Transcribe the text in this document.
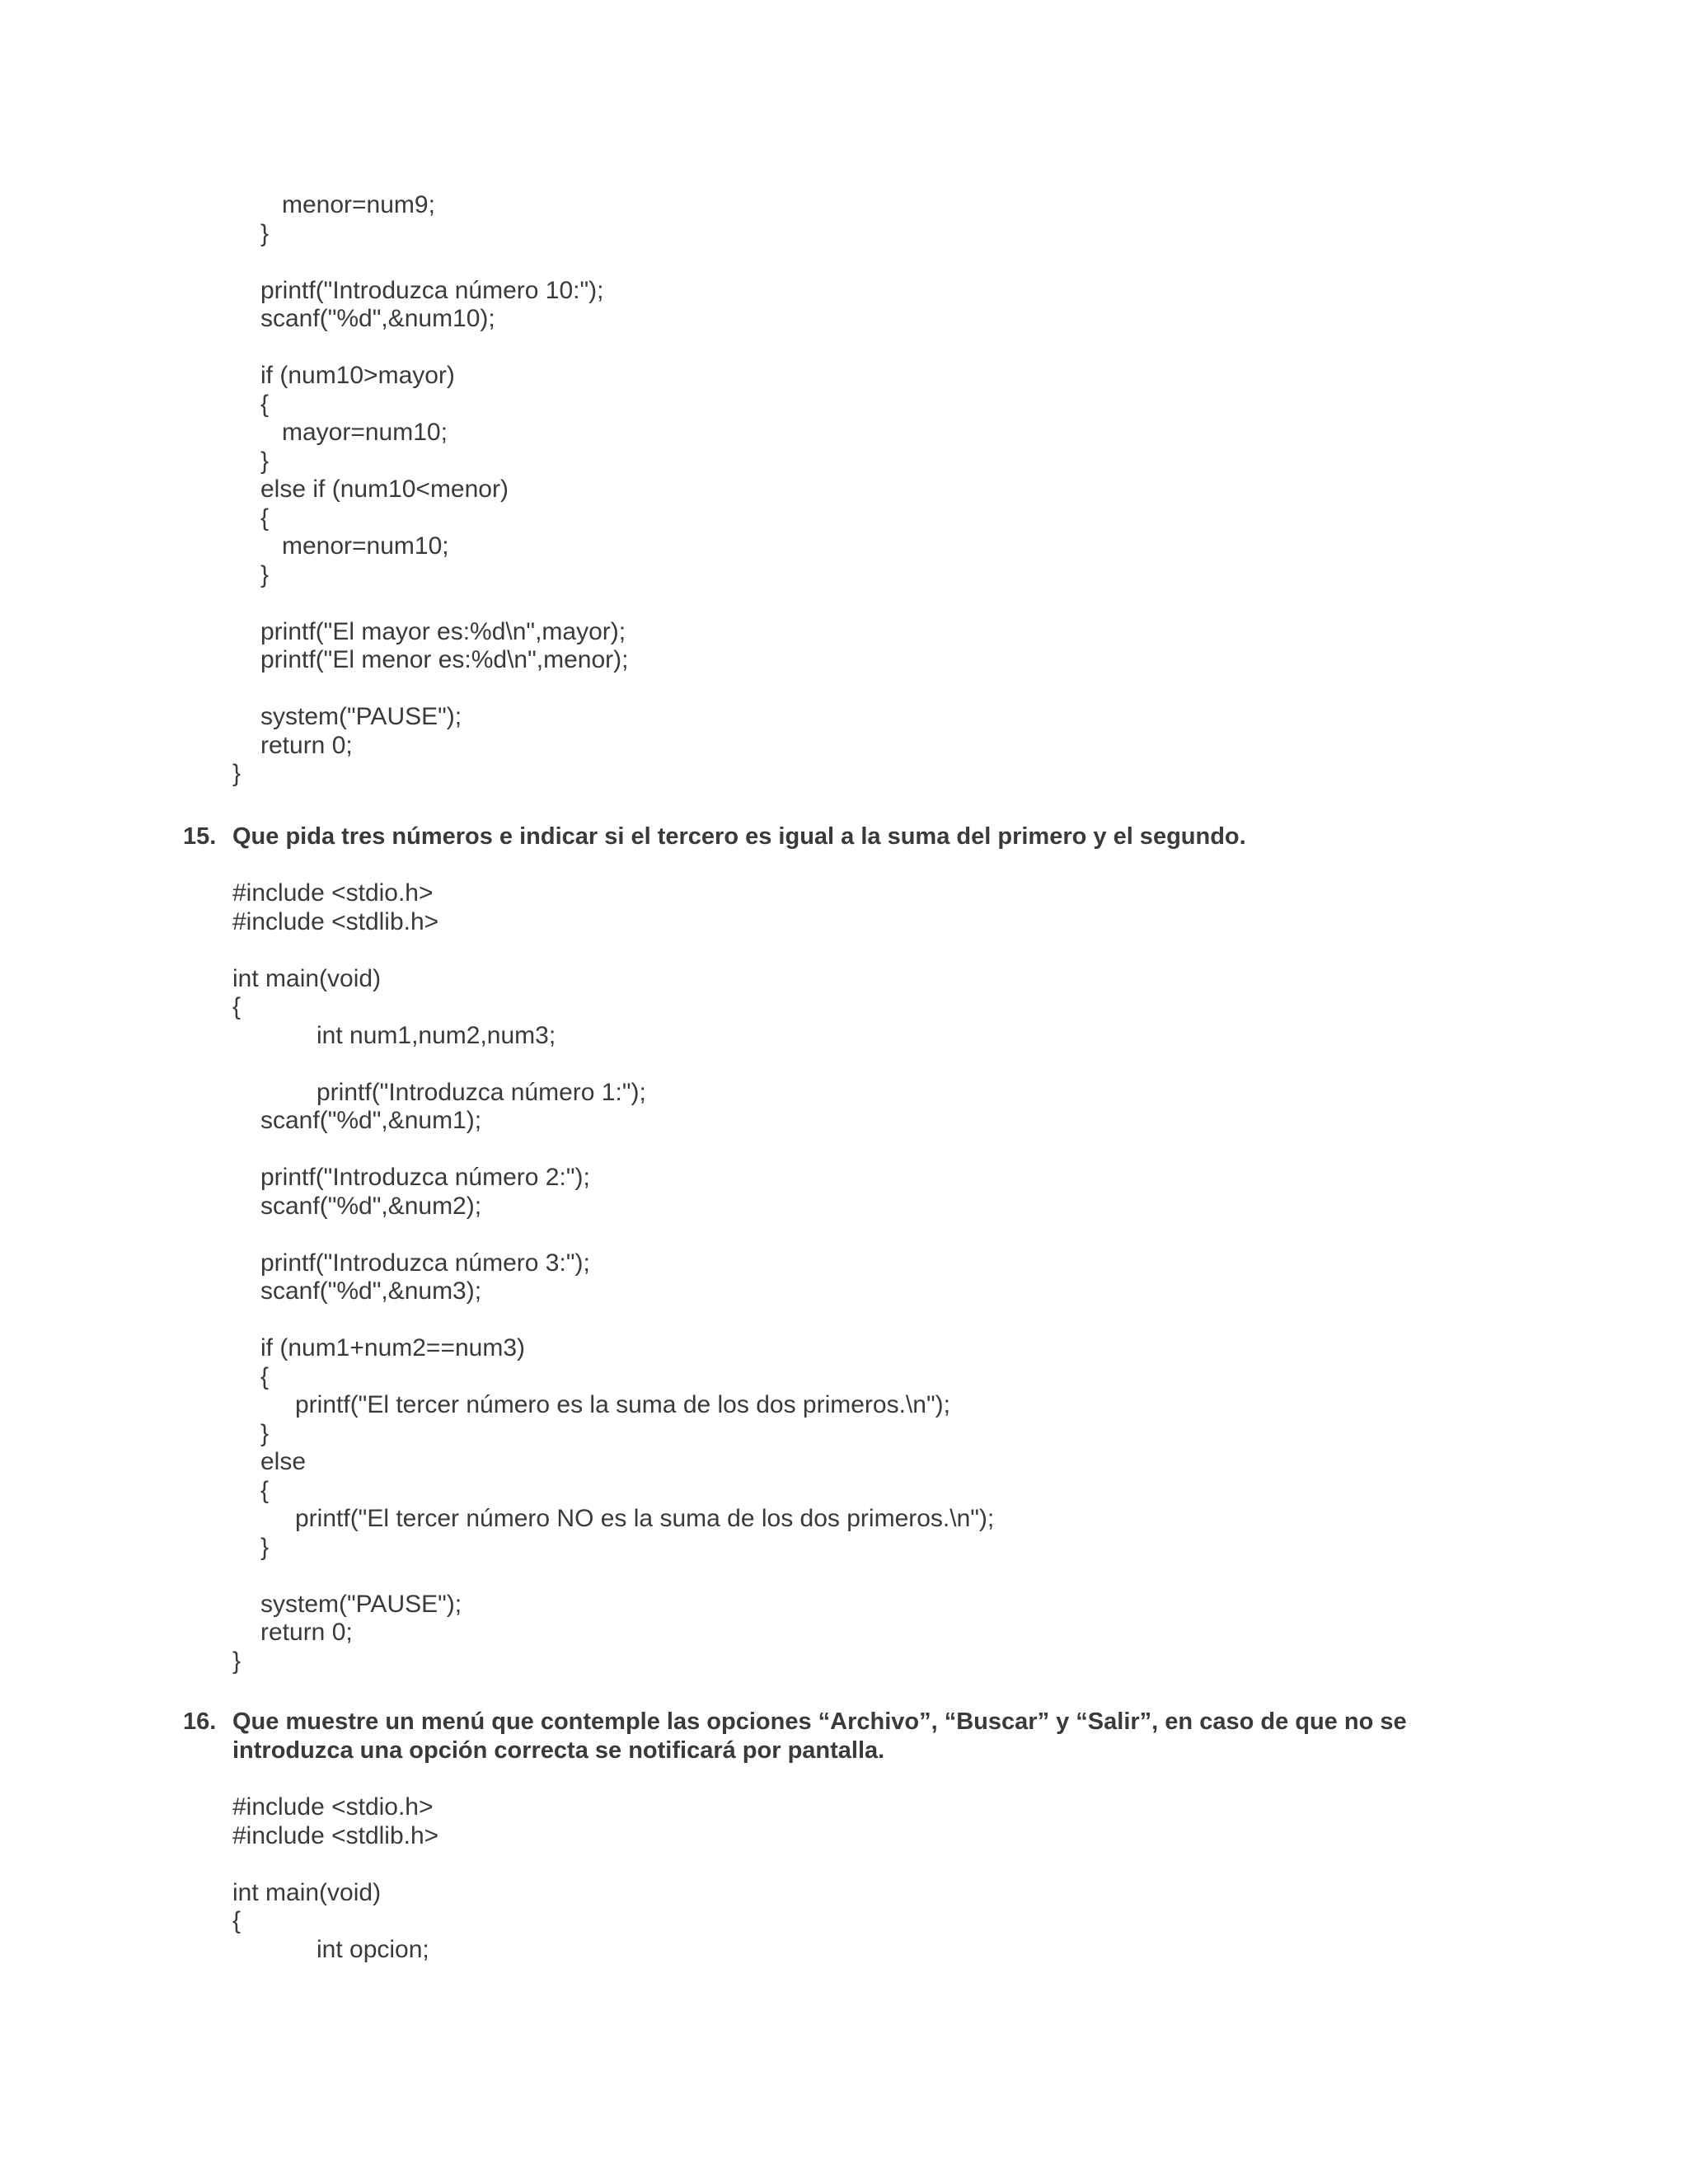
menor=num9;
}
printf("Introduzca número 10:");
scanf("%d",&num10);
if (num10>mayor)
{
mayor=num10;
}
else if (num10<menor)
{
menor=num10;
}
printf("El mayor es:%d\n",mayor);
printf("El menor es:%d\n",menor);
system("PAUSE");
return 0;
}
15. Que pida tres números e indicar si el tercero es igual a la suma del primero y el segundo.
#include <stdio.h>
#include <stdlib.h>
int main(void)
{
int num1,num2,num3;
printf("Introduzca número 1:");
scanf("%d",&num1);
printf("Introduzca número 2:");
scanf("%d",&num2);
printf("Introduzca número 3:");
scanf("%d",&num3);
if (num1+num2==num3)
{
printf("El tercer número es la suma de los dos primeros.\n");
}
else
{
printf("El tercer número NO es la suma de los dos primeros.\n");
}
system("PAUSE");
return 0;
}
16. Que muestre un menú que contemple las opciones “Archivo”, “Buscar” y “Salir”, en caso de que no se
introduzca una opción correcta se notificará por pantalla.
#include <stdio.h>
#include <stdlib.h>
int main(void)
{
int opcion;
